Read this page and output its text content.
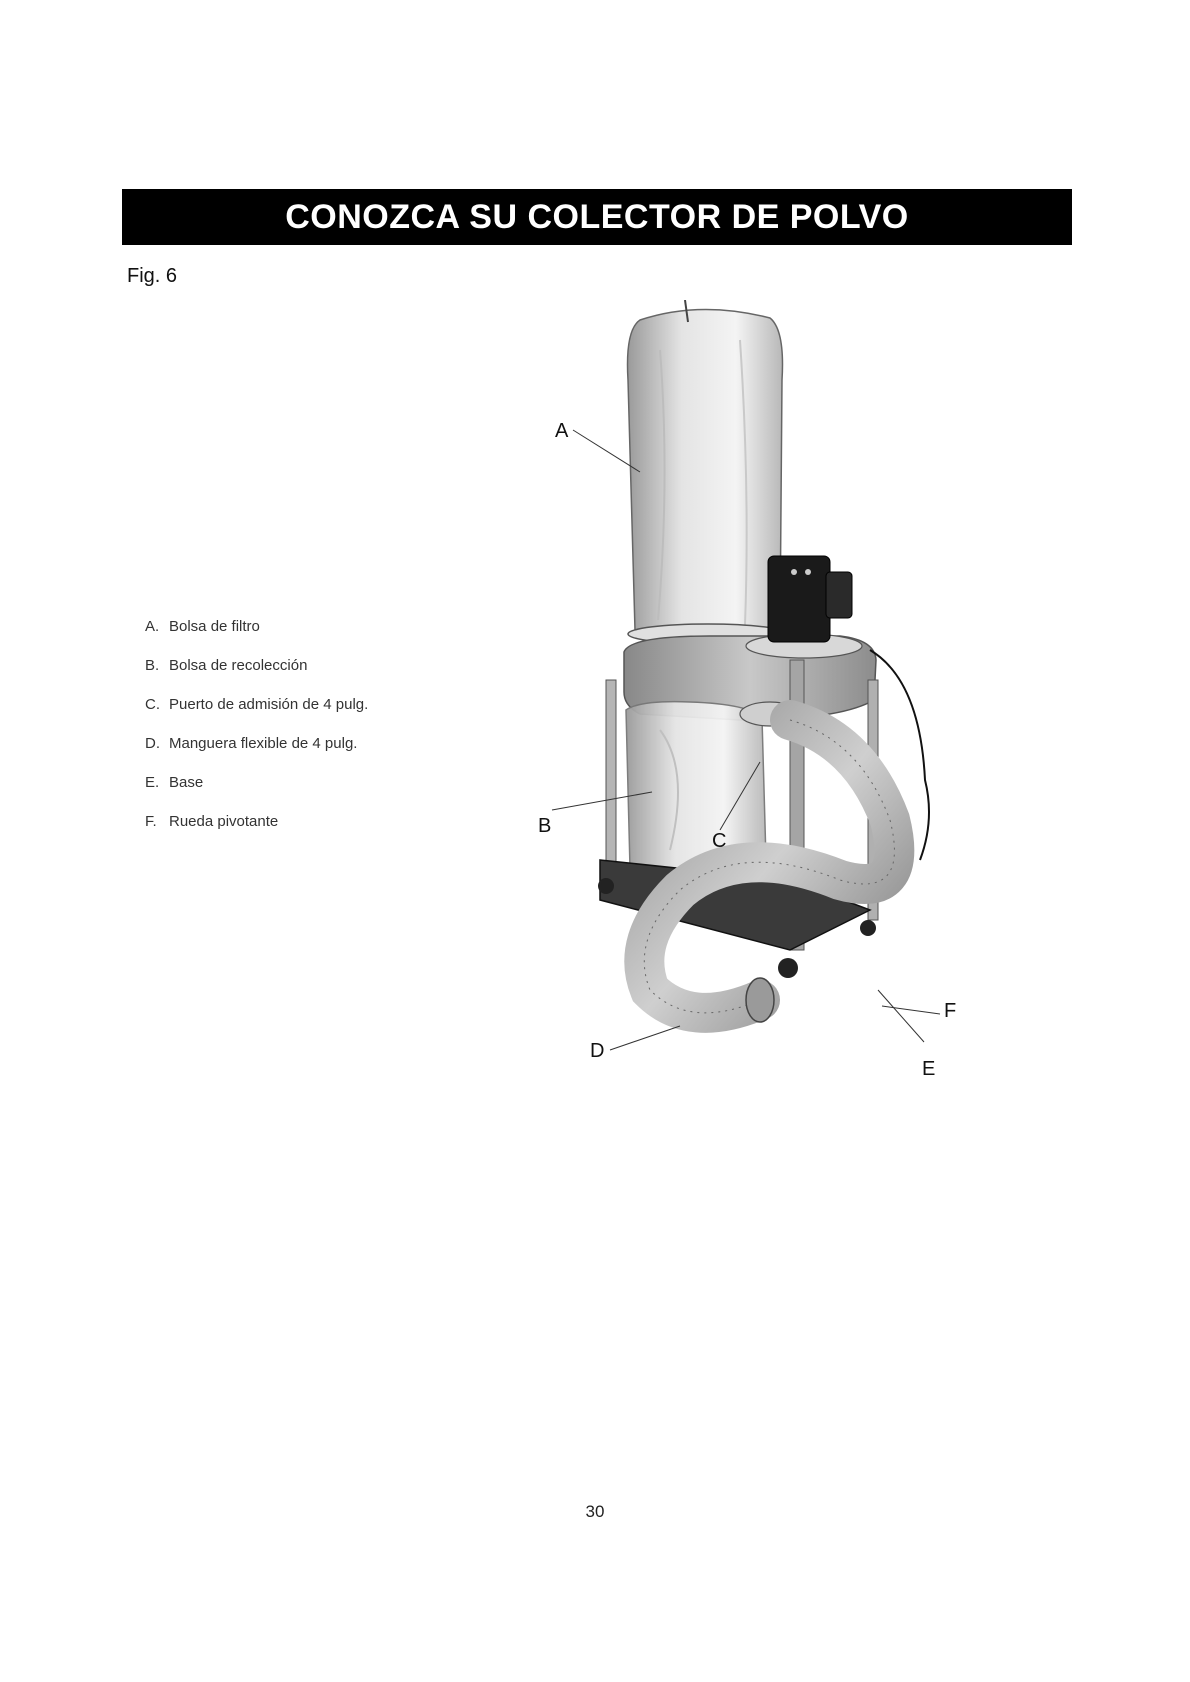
CONOZCA SU COLECTOR DE POLVO
Fig. 6
A. Bolsa de filtro
B. Bolsa de recolección
C. Puerto de admisión de 4 pulg.
D. Manguera flexible de 4 pulg.
E. Base
F. Rueda pivotante
A
B
C
D
E
F
30
